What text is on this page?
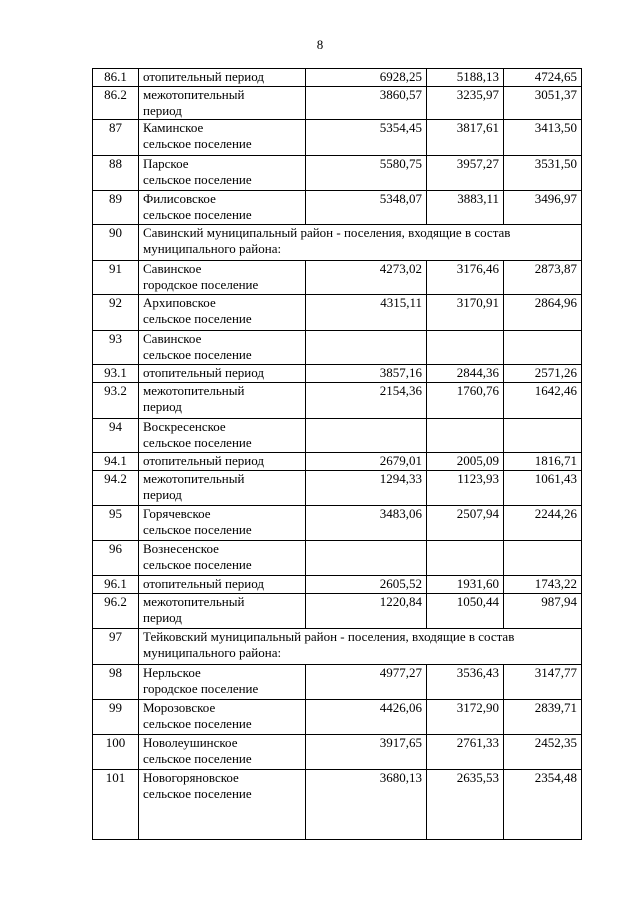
8
86.1	отопительный период	6928,25	5188,13	4724,65
86.2	межотопительный
период	3860,57	3235,97	3051,37
87	Каминское
сельское поселение	5354,45	3817,61	3413,50
88	Парское
сельское поселение	5580,75	3957,27	3531,50
89	Филисовское
сельское поселение	5348,07	3883,11	3496,97
90	Савинский муниципальный район - поселения, входящие в состав
муниципального района:			
91	Савинское
городское поселение	4273,02	3176,46	2873,87
92	Архиповское
сельское поселение	4315,11	3170,91	2864,96
93	Савинское
сельское поселение			
93.1	отопительный период	3857,16	2844,36	2571,26
93.2	межотопительный
период	2154,36	1760,76	1642,46
94	Воскресенское
сельское поселение			
94.1	отопительный период	2679,01	2005,09	1816,71
94.2	межотопительный
период	1294,33	1123,93	1061,43
95	Горячевское
сельское поселение	3483,06	2507,94	2244,26
96	Вознесенское
сельское поселение			
96.1	отопительный период	2605,52	1931,60	1743,22
96.2	межотопительный
период	1220,84	1050,44	987,94
97	Тейковский муниципальный район - поселения, входящие в состав
муниципального района:			
98	Нерльское
городское поселение	4977,27	3536,43	3147,77
99	Морозовское
сельское поселение	4426,06	3172,90	2839,71
100	Новолеушинское
сельское поселение	3917,65	2761,33	2452,35
101	Новогоряновское
сельское поселение	3680,13	2635,53	2354,48
